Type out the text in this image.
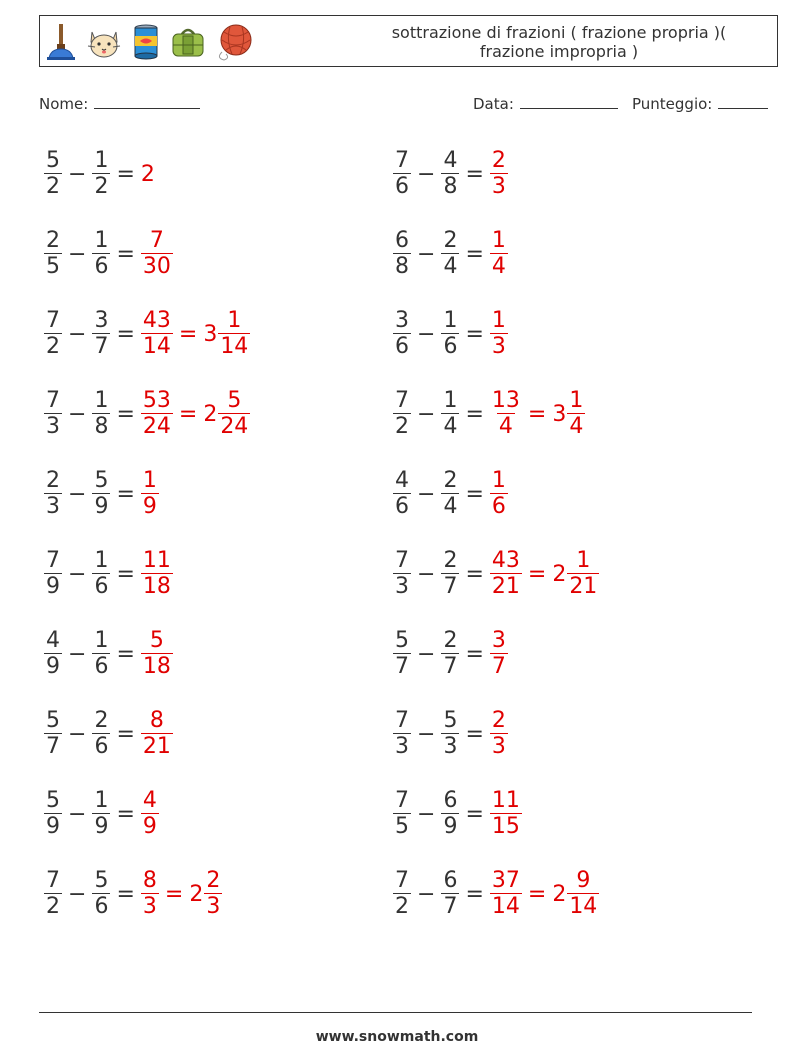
sottrazione di frazioni ( frazione propria )( frazione impropria )
Nome:	Data:	Punteggio:
$\frac{5}{2} - \frac{1}{2} = 2$	$\frac{7}{6} - \frac{4}{8} = \frac{2}{3}$
$\frac{2}{5} - \frac{1}{6} = \frac{7}{30}$	$\frac{6}{8} - \frac{2}{4} = \frac{1}{4}$
$\frac{7}{2} - \frac{3}{7} = \frac{43}{14} = 3 \frac{1}{14}$	$\frac{3}{6} - \frac{1}{6} = \frac{1}{3}$
$\frac{7}{3} - \frac{1}{8} = \frac{53}{24} = 2 \frac{5}{24}$	$\frac{7}{2} - \frac{1}{4} = \frac{13}{4} = 3 \frac{1}{4}$
$\frac{2}{3} - \frac{5}{9} = \frac{1}{9}$	$\frac{4}{6} - \frac{2}{4} = \frac{1}{6}$
$\frac{7}{9} - \frac{1}{6} = \frac{11}{18}$	$\frac{7}{3} - \frac{2}{7} = \frac{43}{21} = 2 \frac{1}{21}$
$\frac{4}{9} - \frac{1}{6} = \frac{5}{18}$	$\frac{5}{7} - \frac{2}{7} = \frac{3}{7}$
$\frac{5}{7} - \frac{2}{6} = \frac{8}{21}$	$\frac{7}{3} - \frac{5}{3} = \frac{2}{3}$
$\frac{5}{9} - \frac{1}{9} = \frac{4}{9}$	$\frac{7}{5} - \frac{6}{9} = \frac{11}{15}$
$\frac{7}{2} - \frac{5}{6} = \frac{8}{3} = 2 \frac{2}{3}$	$\frac{7}{2} - \frac{6}{7} = \frac{37}{14} = 2 \frac{9}{14}$
www.snowmath.com
